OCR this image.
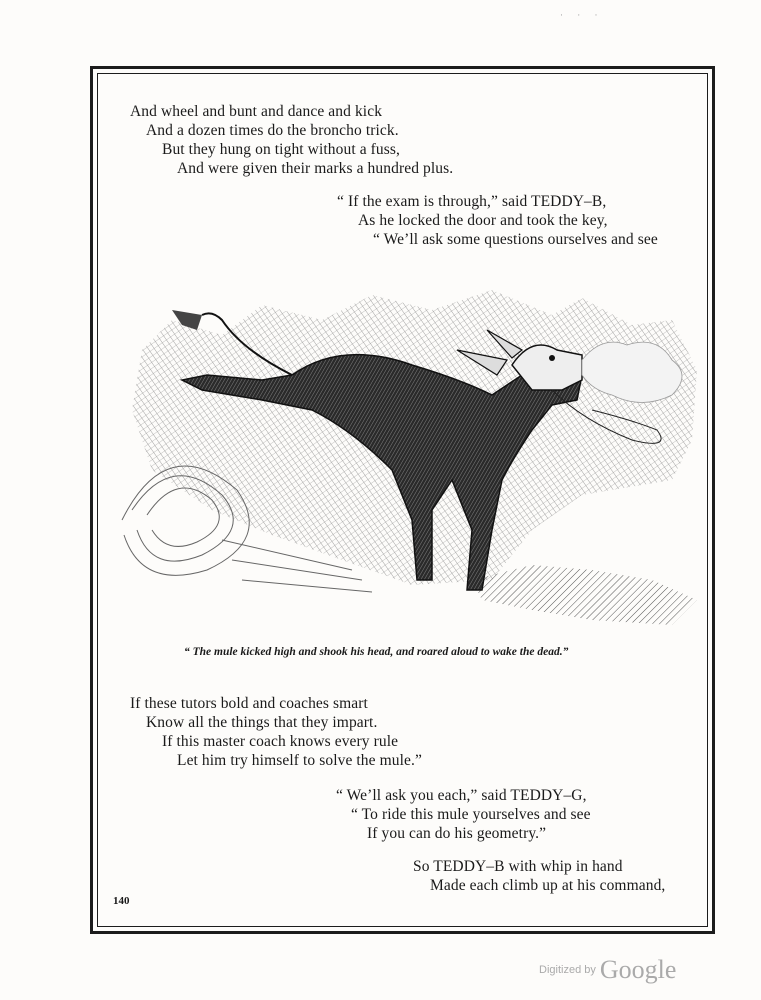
· · ·
And wheel and bunt and dance and kick
And a dozen times do the broncho trick.
But they hung on tight without a fuss,
And were given their marks a hundred plus.
“ If the exam is through,” said TEDDY–B,
As he locked the door and took the key,
“ We’ll ask some questions ourselves and see
“ The mule kicked high and shook his head, and roared aloud to wake the dead.”
If these tutors bold and coaches smart
Know all the things that they impart.
If this master coach knows every rule
Let him try himself to solve the mule.”
“ We’ll ask you each,” said TEDDY–G,
“ To ride this mule yourselves and see
If you can do his geometry.”
So TEDDY–B with whip in hand
Made each climb up at his command,
140
Digitized by Google
